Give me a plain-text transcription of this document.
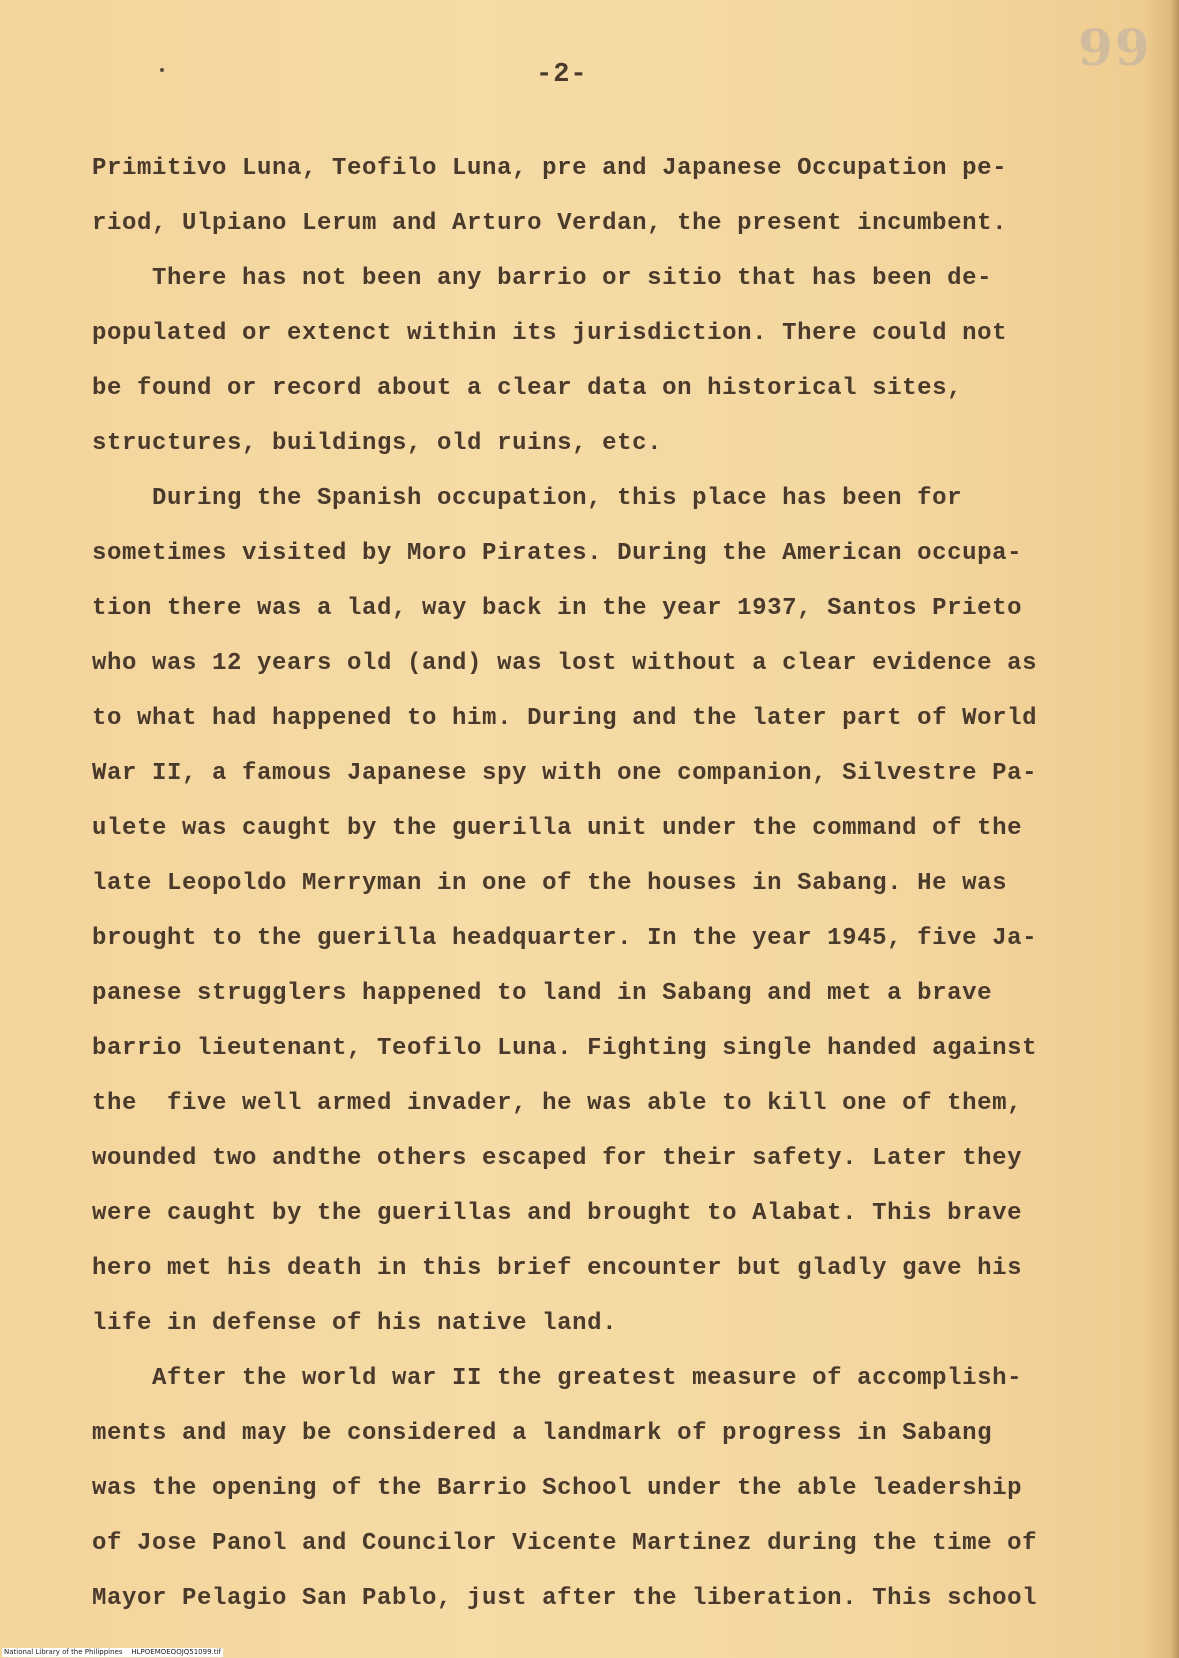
99
-2-
Primitivo Luna, Teofilo Luna, pre and Japanese Occupation pe-
riod, Ulpiano Lerum and Arturo Verdan, the present incumbent.
There has not been any barrio or sitio that has been de-
populated or extenct within its jurisdiction. There could not
be found or record about a clear data on historical sites,
structures, buildings, old ruins, etc.
During the Spanish occupation, this place has been for
sometimes visited by Moro Pirates. During the American occupa-
tion there was a lad, way back in the year 1937, Santos Prieto
who was 12 years old (and) was lost without a clear evidence as
to what had happened to him. During and the later part of World
War II, a famous Japanese spy with one companion, Silvestre Pa-
ulete was caught by the guerilla unit under the command of the
late Leopoldo Merryman in one of the houses in Sabang. He was
brought to the guerilla headquarter. In the year 1945, five Ja-
panese strugglers happened to land in Sabang and met a brave
barrio lieutenant, Teofilo Luna. Fighting single handed against
the  five well armed invader, he was able to kill one of them,
wounded two andthe others escaped for their safety. Later they
were caught by the guerillas and brought to Alabat. This brave
hero met his death in this brief encounter but gladly gave his
life in defense of his native land.
After the world war II the greatest measure of accomplish-
ments and may be considered a landmark of progress in Sabang
was the opening of the Barrio School under the able leadership
of Jose Panol and Councilor Vicente Martinez during the time of
Mayor Pelagio San Pablo, just after the liberation. This school
National Library of the Philippines    HLPOEMOEOOJQ51099.tif
